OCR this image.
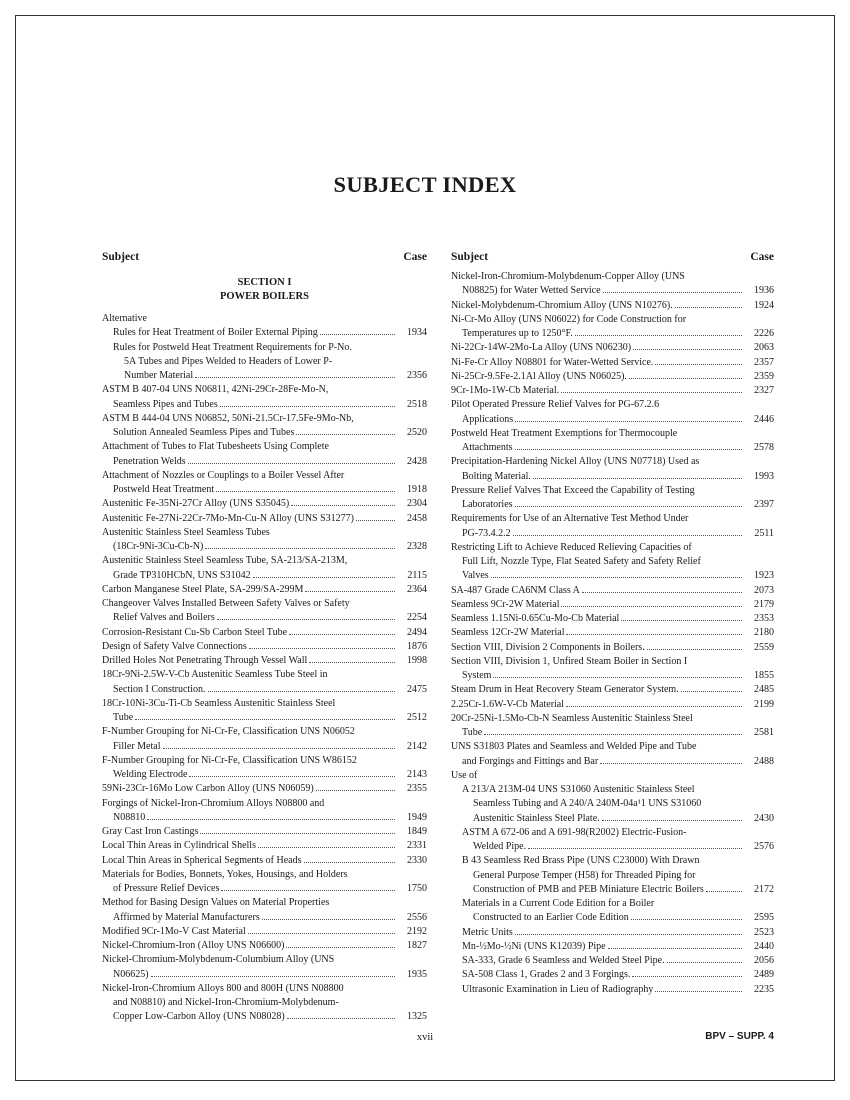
SUBJECT INDEX
Subject	Case
SECTION I
POWER BOILERS
Alternative
Rules for Heat Treatment of Boiler External Piping	1934
Rules for Postweld Heat Treatment Requirements for P-No.
5A Tubes and Pipes Welded to Headers of Lower P-
Number Material	2356
ASTM B 407-04 UNS N06811, 42Ni-29Cr-28Fe-Mo-N,
Seamless Pipes and Tubes	2518
ASTM B 444-04 UNS N06852, 50Ni-21.5Cr-17.5Fe-9Mo-Nb,
Solution Annealed Seamless Pipes and Tubes	2520
Attachment of Tubes to Flat Tubesheets Using Complete
Penetration Welds	2428
Attachment of Nozzles or Couplings to a Boiler Vessel After
Postweld Heat Treatment	1918
Austenitic Fe-35Ni-27Cr Alloy (UNS S35045)	2304
Austenitic Fe-27Ni-22Cr-7Mo-Mn-Cu-N Alloy (UNS S31277)	2458
Austenitic Stainless Steel Seamless Tubes
(18Cr-9Ni-3Cu-Cb-N)	2328
Austenitic Stainless Steel Seamless Tube, SA-213/SA-213M,
Grade TP310HCbN, UNS S31042	2115
Carbon Manganese Steel Plate, SA-299/SA-299M	2364
Changeover Valves Installed Between Safety Valves or Safety
Relief Valves and Boilers	2254
Corrosion-Resistant Cu-Sb Carbon Steel Tube	2494
Design of Safety Valve Connections	1876
Drilled Holes Not Penetrating Through Vessel Wall	1998
18Cr-9Ni-2.5W-V-Cb Austenitic Seamless Tube Steel in
Section I Construction.	2475
18Cr-10Ni-3Cu-Ti-Cb Seamless Austenitic Stainless Steel
Tube	2512
F-Number Grouping for Ni-Cr-Fe, Classification UNS N06052
Filler Metal	2142
F-Number Grouping for Ni-Cr-Fe, Classification UNS W86152
Welding Electrode	2143
59Ni-23Cr-16Mo Low Carbon Alloy (UNS N06059)	2355
Forgings of Nickel-Iron-Chromium Alloys N08800 and
N08810	1949
Gray Cast Iron Castings	1849
Local Thin Areas in Cylindrical Shells	2331
Local Thin Areas in Spherical Segments of Heads	2330
Materials for Bodies, Bonnets, Yokes, Housings, and Holders
of Pressure Relief Devices	1750
Method for Basing Design Values on Material Properties
Affirmed by Material Manufacturers	2556
Modified 9Cr-1Mo-V Cast Material	2192
Nickel-Chromium-Iron (Alloy UNS N06600)	1827
Nickel-Chromium-Molybdenum-Columbium Alloy (UNS
N06625)	1935
Nickel-Iron-Chromium Alloys 800 and 800H (UNS N08800
and N08810) and Nickel-Iron-Chromium-Molybdenum-
Copper Low-Carbon Alloy (UNS N08028)	1325
Subject	Case
Nickel-Iron-Chromium-Molybdenum-Copper Alloy (UNS
N08825) for Water Wetted Service	1936
Nickel-Molybdenum-Chromium Alloy (UNS N10276).	1924
Ni-Cr-Mo Alloy (UNS N06022) for Code Construction for
Temperatures up to 1250°F.	2226
Ni-22Cr-14W-2Mo-La Alloy (UNS N06230)	2063
Ni-Fe-Cr Alloy N08801 for Water-Wetted Service.	2357
Ni-25Cr-9.5Fe-2.1Al Alloy (UNS N06025).	2359
9Cr-1Mo-1W-Cb Material.	2327
Pilot Operated Pressure Relief Valves for PG-67.2.6
Applications	2446
Postweld Heat Treatment Exemptions for Thermocouple
Attachments	2578
Precipitation-Hardening Nickel Alloy (UNS N07718) Used as
Bolting Material.	1993
Pressure Relief Valves That Exceed the Capability of Testing
Laboratories	2397
Requirements for Use of an Alternative Test Method Under
PG-73.4.2.2	2511
Restricting Lift to Achieve Reduced Relieving Capacities of
Full Lift, Nozzle Type, Flat Seated Safety and Safety Relief
Valves	1923
SA-487 Grade CA6NM Class A	2073
Seamless 9Cr-2W Material	2179
Seamless 1.15Ni-0.65Cu-Mo-Cb Material	2353
Seamless 12Cr-2W Material	2180
Section VIII, Division 2 Components in Boilers.	2559
Section VIII, Division 1, Unfired Steam Boiler in Section I
System	1855
Steam Drum in Heat Recovery Steam Generator System.	2485
2.25Cr-1.6W-V-Cb Material	2199
20Cr-25Ni-1.5Mo-Cb-N Seamless Austenitic Stainless Steel
Tube	2581
UNS S31803 Plates and Seamless and Welded Pipe and Tube
and Forgings and Fittings and Bar	2488
Use of
A 213/A 213M-04 UNS S31060 Austenitic Stainless Steel
Seamless Tubing and A 240/A 240M-04a¹1 UNS S31060
Austenitic Stainless Steel Plate.	2430
ASTM A 672-06 and A 691-98(R2002) Electric-Fusion-
Welded Pipe.	2576
B 43 Seamless Red Brass Pipe (UNS C23000) With Drawn
General Purpose Temper (H58) for Threaded Piping for
Construction of PMB and PEB Miniature Electric Boilers	2172
Materials in a Current Code Edition for a Boiler
Constructed to an Earlier Code Edition	2595
Metric Units	2523
Mn-½Mo-½Ni (UNS K12039) Pipe	2440
SA-333, Grade 6 Seamless and Welded Steel Pipe.	2056
SA-508 Class 1, Grades 2 and 3 Forgings.	2489
Ultrasonic Examination in Lieu of Radiography	2235
xvii	BPV – SUPP. 4
